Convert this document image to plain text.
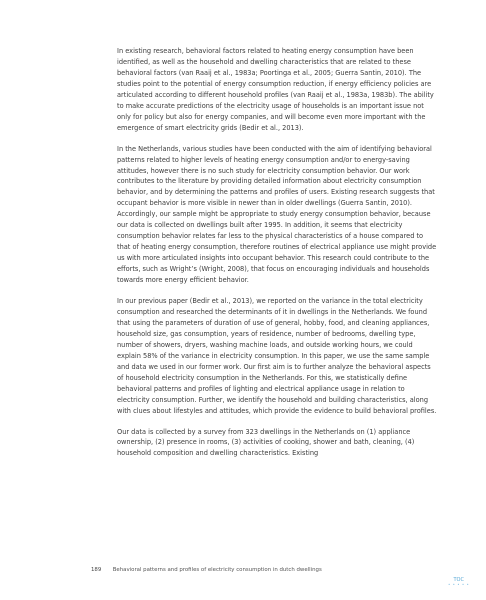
In existing research, behavioral factors related to heating energy consumption have been identified, as well as the household and dwelling characteristics that are related to these behavioral factors (van Raaij et al., 1983a; Poortinga et al., 2005; Guerra Santin, 2010). The studies point to the potential of energy consumption reduction, if energy efficiency policies are articulated according to different household profiles (van Raaij et al., 1983a, 1983b). The ability to make accurate predictions of the electricity usage of households is an important issue not only for policy but also for energy companies, and will become even more important with the emergence of smart electricity grids (Bedir et al., 2013).

In the Netherlands, various studies have been conducted with the aim of identifying behavioral patterns related to higher levels of heating energy consumption and/or to energy-saving attitudes, however there is no such study for electricity consumption behavior. Our work contributes to the literature by providing detailed information about electricity consumption behavior, and by determining the patterns and profiles of users. Existing research suggests that occupant behavior is more visible in newer than in older dwellings (Guerra Santin, 2010). Accordingly, our sample might be appropriate to study energy consumption behavior, because our data is collected on dwellings built after 1995. In addition, it seems that electricity consumption behavior relates far less to the physical characteristics of a house compared to that of heating energy consumption, therefore routines of electrical appliance use might provide us with more articulated insights into occupant behavior. This research could contribute to the efforts, such as Wright’s (Wright, 2008), that focus on encouraging individuals and households towards more energy efficient behavior.

In our previous paper (Bedir et al., 2013), we reported on the variance in the total electricity consumption and researched the determinants of it in dwellings in the Netherlands. We found that using the parameters of duration of use of general, hobby, food, and cleaning appliances, household size, gas consumption, years of residence, number of bedrooms, dwelling type, number of showers, dryers, washing machine loads, and outside working hours, we could explain 58% of the variance in electricity consumption. In this paper, we use the same sample and data we used in our former work. Our first aim is to further analyze the behavioral aspects of household electricity consumption in the Netherlands. For this, we statistically define behavioral patterns and profiles of lighting and electrical appliance usage in relation to electricity consumption. Further, we identify the household and building characteristics, along with clues about lifestyles and attitudes, which provide the evidence to build behavioral profiles.

Our data is collected by a survey from 323 dwellings in the Netherlands on (1) appliance ownership, (2) presence in rooms, (3) activities of cooking, shower and bath, cleaning, (4) household composition and dwelling characteristics. Existing

189 Behavioral patterns and profiles of electricity consumption in dutch dwellings
TOC
• • • • •
